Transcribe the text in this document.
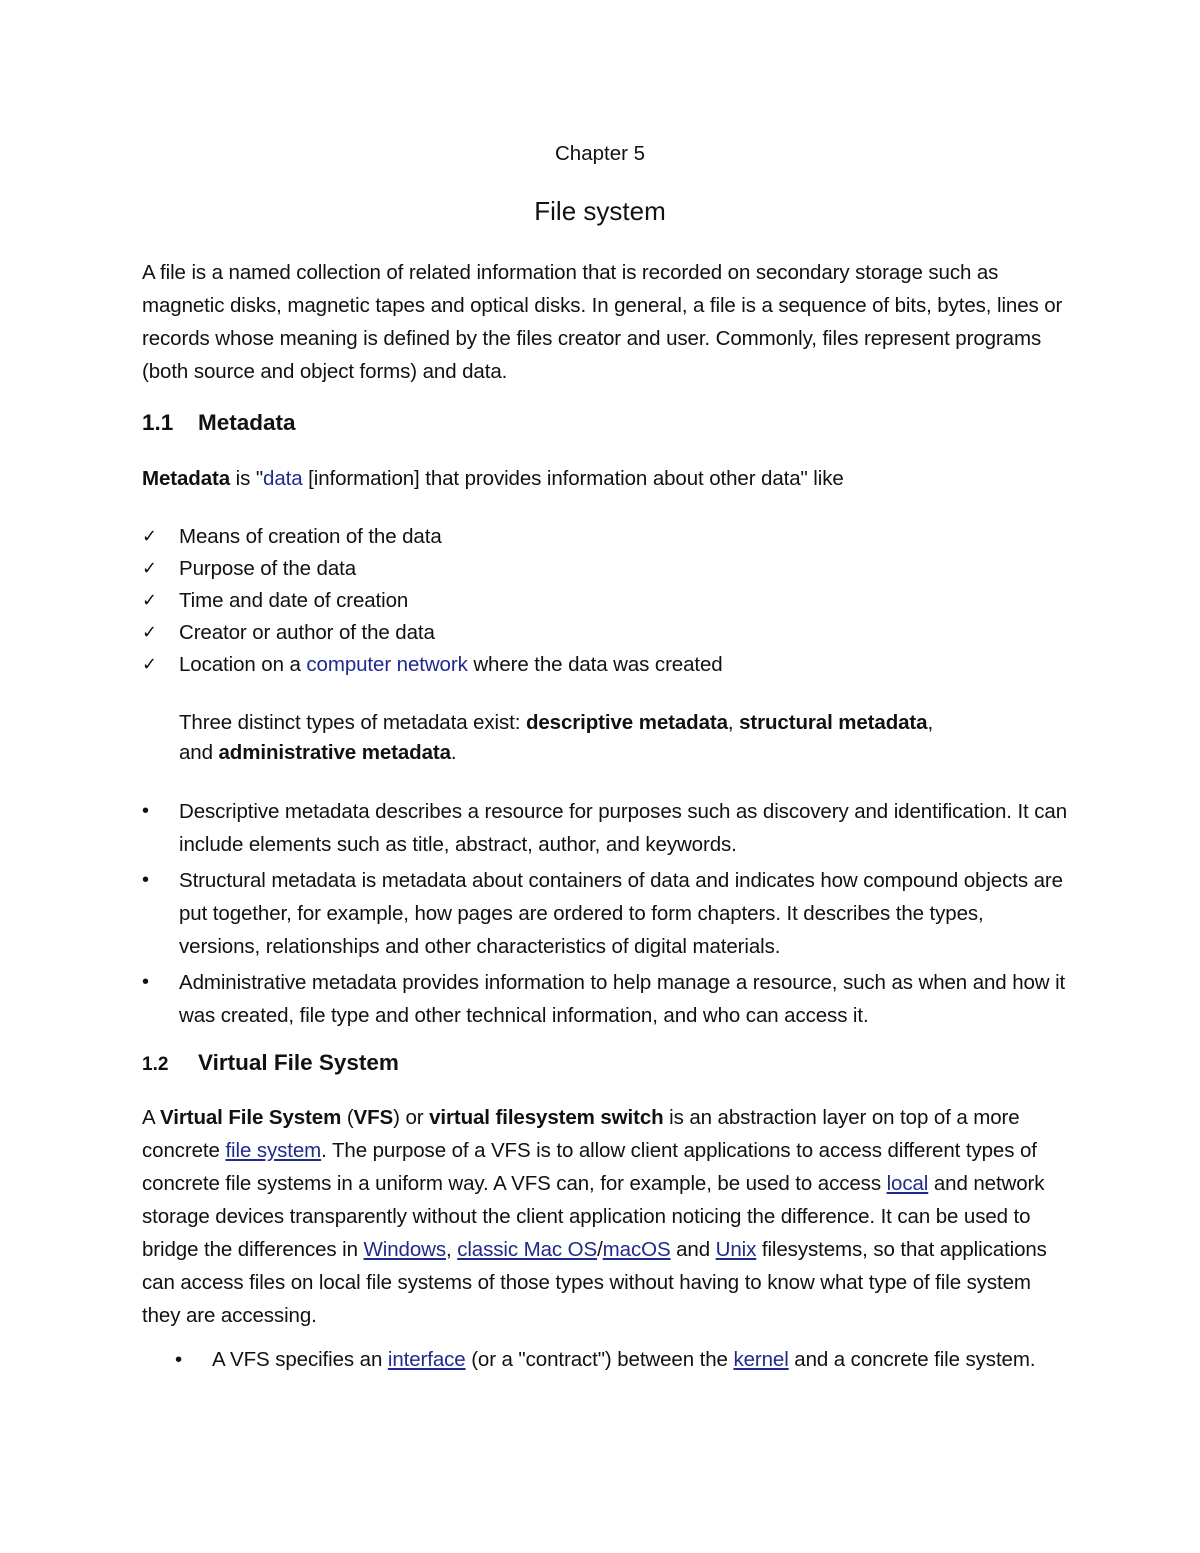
Chapter 5
File system
A file is a named collection of related information that is recorded on secondary storage such as magnetic disks, magnetic tapes and optical disks. In general, a file is a sequence of bits, bytes, lines or records whose meaning is defined by the files creator and user. Commonly, files represent programs (both source and object forms) and data.
1.1 Metadata
Metadata is "data [information] that provides information about other data" like
✓ Means of creation of the data
✓ Purpose of the data
✓ Time and date of creation
✓ Creator or author of the data
✓ Location on a computer network where the data was created
Three distinct types of metadata exist: descriptive metadata, structural metadata,
and administrative metadata.
• Descriptive metadata describes a resource for purposes such as discovery and identification. It can include elements such as title, abstract, author, and keywords.
• Structural metadata is metadata about containers of data and indicates how compound objects are put together, for example, how pages are ordered to form chapters. It describes the types, versions, relationships and other characteristics of digital materials.
• Administrative metadata provides information to help manage a resource, such as when and how it was created, file type and other technical information, and who can access it.
1.2 Virtual File System
A Virtual File System (VFS) or virtual filesystem switch is an abstraction layer on top of a more concrete file system. The purpose of a VFS is to allow client applications to access different types of concrete file systems in a uniform way. A VFS can, for example, be used to access local and network storage devices transparently without the client application noticing the difference. It can be used to bridge the differences in Windows, classic Mac OS/macOS and Unix filesystems, so that applications can access files on local file systems of those types without having to know what type of file system they are accessing.
• A VFS specifies an interface (or a "contract") between the kernel and a concrete file system.
